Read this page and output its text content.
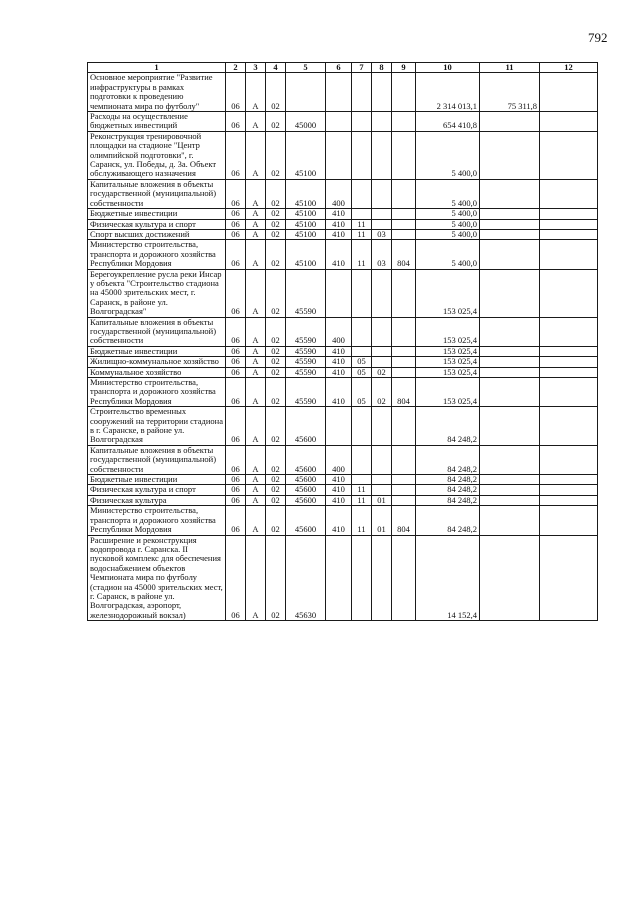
792
1	2	3	4	5	6	7	8	9	10	11	12
Основное мероприятие "Развитие инфраструктуры в рамках подготовки к проведению чемпионата мира по футболу"	06	А	02						2 314 013,1	75 311,8	
Расходы на осуществление бюджетных инвестиций	06	А	02	45000					654 410,8		
Реконструкция тренировочной площадки на стадионе "Центр олимпийской подготовки", г. Саранск, ул. Победы, д. 3а. Объект обслуживающего назначения	06	А	02	45100					5 400,0		
Капитальные вложения в объекты государственной (муниципальной) собственности	06	А	02	45100	400				5 400,0		
Бюджетные инвестиции	06	А	02	45100	410				5 400,0		
Физическая культура и спорт	06	А	02	45100	410	11			5 400,0		
Спорт высших достижений	06	А	02	45100	410	11	03		5 400,0		
Министерство строительства, транспорта и дорожного хозяйства Республики Мордовия	06	А	02	45100	410	11	03	804	5 400,0		
Берегоукрепление русла реки Инсар у объекта "Строительство стадиона на 45000 зрительских мест, г. Саранск, в районе ул. Волгоградская"	06	А	02	45590					153 025,4		
Капитальные вложения в объекты государственной (муниципальной) собственности	06	А	02	45590	400				153 025,4		
Бюджетные инвестиции	06	А	02	45590	410				153 025,4		
Жилищно-коммунальное хозяйство	06	А	02	45590	410	05			153 025,4		
Коммунальное хозяйство	06	А	02	45590	410	05	02		153 025,4		
Министерство строительства, транспорта и дорожного хозяйства Республики Мордовия	06	А	02	45590	410	05	02	804	153 025,4		
Строительство временных сооружений на территории стадиона в г. Саранске, в районе ул. Волгоградская	06	А	02	45600					84 248,2		
Капитальные вложения в объекты государственной (муниципальной) собственности	06	А	02	45600	400				84 248,2		
Бюджетные инвестиции	06	А	02	45600	410				84 248,2		
Физическая культура и спорт	06	А	02	45600	410	11			84 248,2		
Физическая культура	06	А	02	45600	410	11	01		84 248,2		
Министерство строительства, транспорта и дорожного хозяйства Республики Мордовия	06	А	02	45600	410	11	01	804	84 248,2		
Расширение и реконструкция водопровода г. Саранска. II пусковой комплекс для обеспечения водоснабжением объектов Чемпионата мира по футболу (стадион на 45000 зрительских мест, г. Саранск, в районе ул. Волгоградская, аэропорт, железнодорожный вокзал)	06	А	02	45630					14 152,4		
